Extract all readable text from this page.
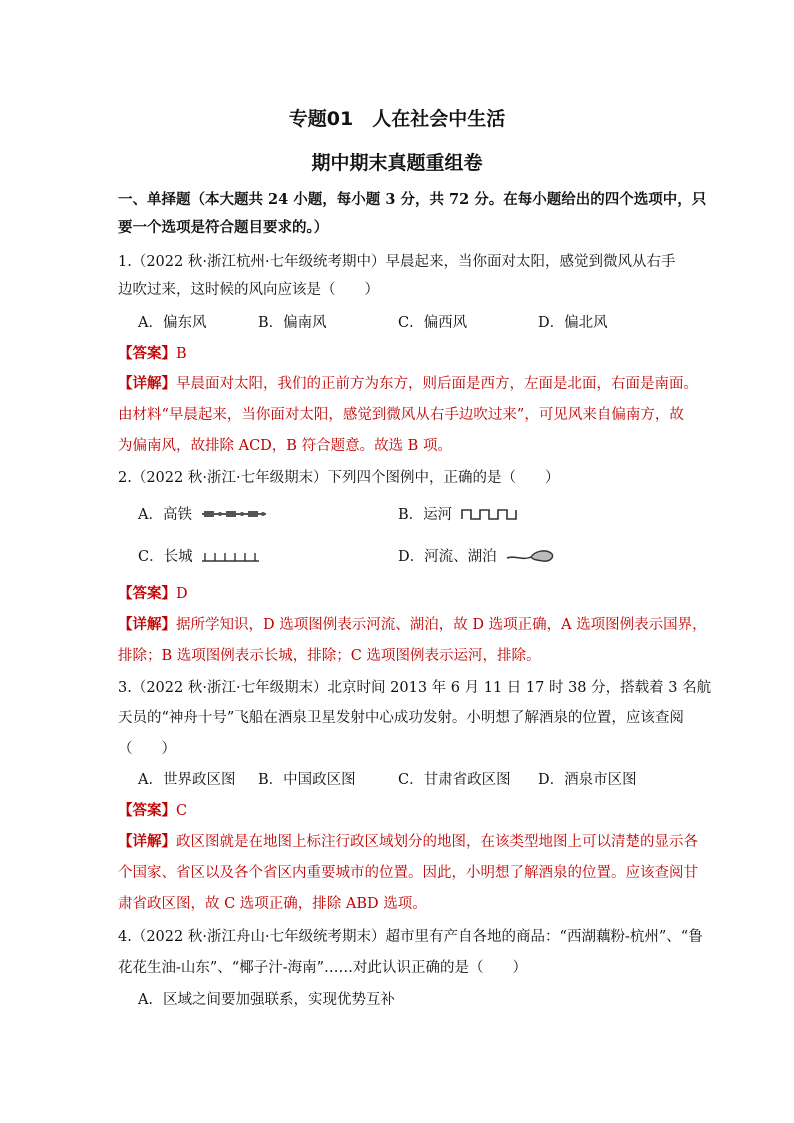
专题01　人在社会中生活
期中期末真题重组卷
一、单择题（本大题共 24 小题，每小题 3 分，共 72 分。在每小题给出的四个选项中，只
要一个选项是符合题目要求的。）
1.（2022 秋·浙江杭州·七年级统考期中）早晨起来，当你面对太阳，感觉到微风从右手
边吹过来，这时候的风向应该是（　　）
A．偏东风	B．偏南风	C．偏西风	D．偏北风
【答案】B
【详解】早晨面对太阳，我们的正前方为东方，则后面是西方，左面是北面，右面是南面。
由材料“早晨起来，当你面对太阳，感觉到微风从右手边吹过来”，可见风来自偏南方，故
为偏南风，故排除 ACD，B 符合题意。故选 B 项。
2.（2022 秋·浙江·七年级期末）下列四个图例中，正确的是（　　）
A．高铁	B．运河
C．长城	D．河流、湖泊
【答案】D
【详解】据所学知识，D 选项图例表示河流、湖泊，故 D 选项正确，A 选项图例表示国界，
排除；B 选项图例表示长城，排除；C 选项图例表示运河，排除。
3.（2022 秋·浙江·七年级期末）北京时间 2013 年 6 月 11 日 17 时 38 分，搭载着 3 名航
天员的“神舟十号”飞船在酒泉卫星发射中心成功发射。小明想了解酒泉的位置，应该查阅
（　　）
A．世界政区图 B．中国政区图	C．甘肃省政区图 D．酒泉市区图
【答案】C
【详解】政区图就是在地图上标注行政区域划分的地图，在该类型地图上可以清楚的显示各
个国家、省区以及各个省区内重要城市的位置。因此，小明想了解酒泉的位置。应该查阅甘
肃省政区图，故 C 选项正确，排除 ABD 选项。
4.（2022 秋·浙江舟山·七年级统考期末）超市里有产自各地的商品：“西湖藕粉-杭州”、“鲁
花花生油-山东”、“椰子汁-海南”……对此认识正确的是（　　）
A．区域之间要加强联系，实现优势互补
